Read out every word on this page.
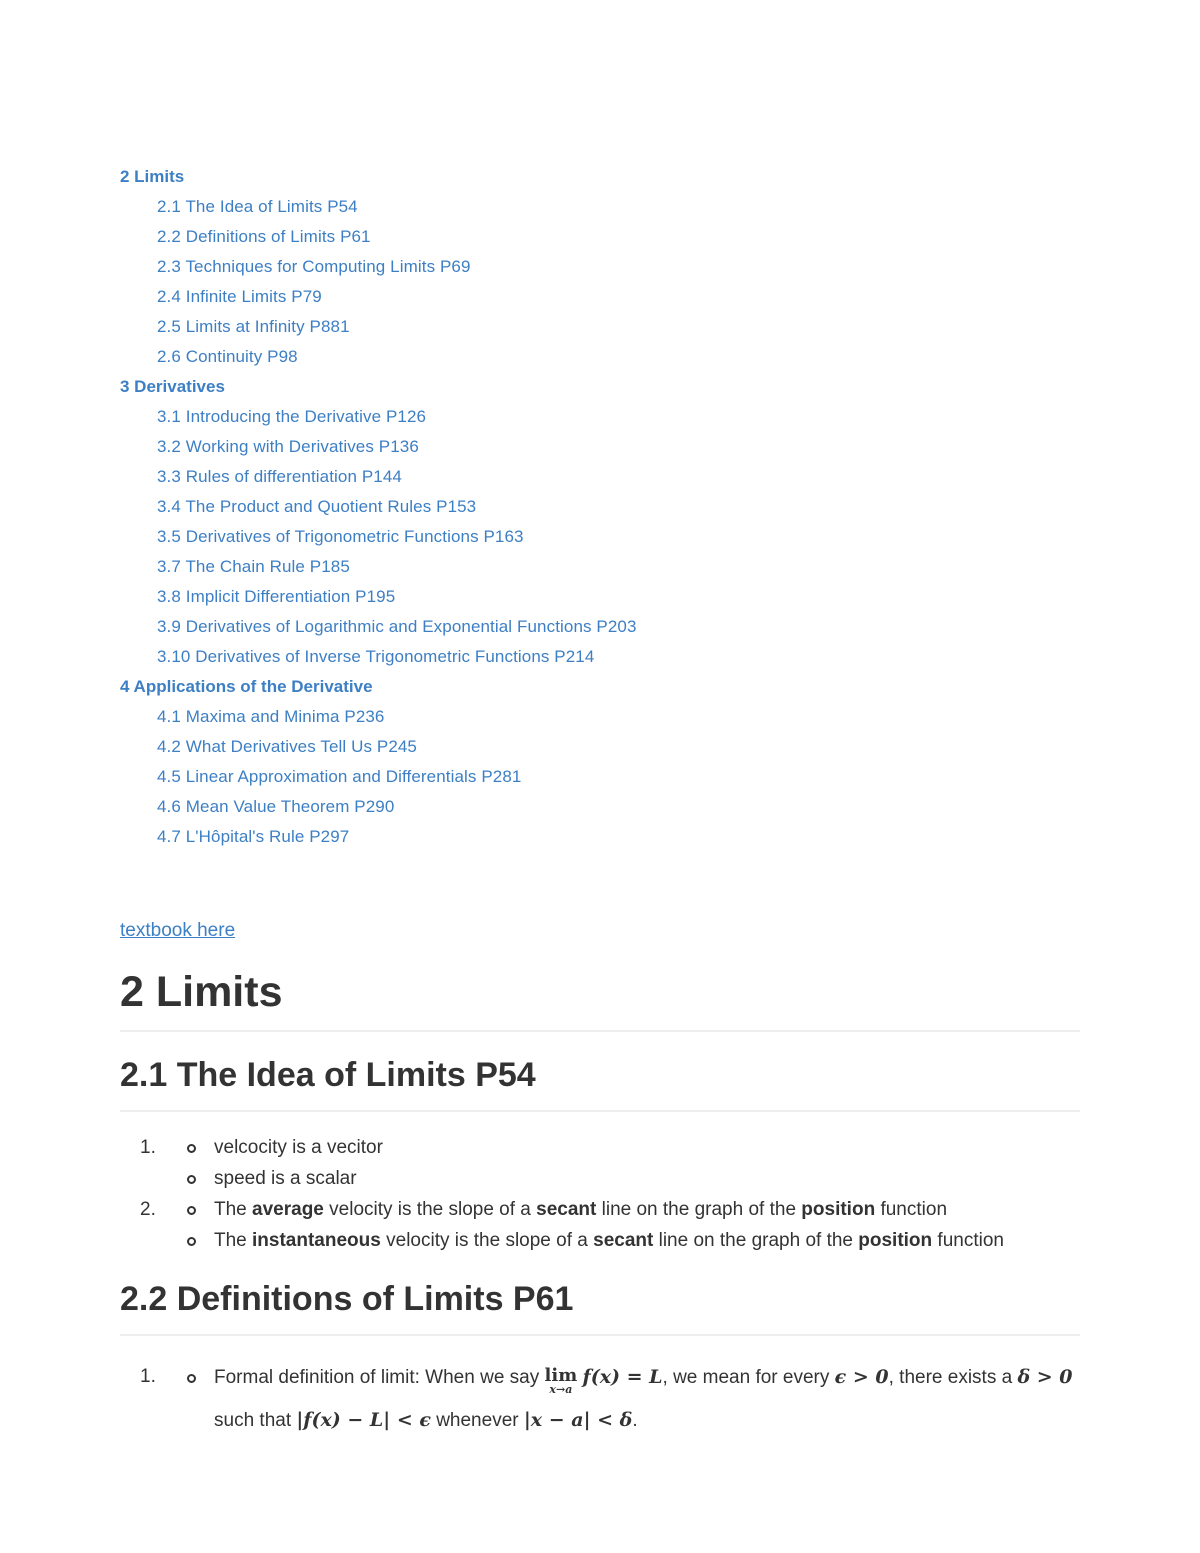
2 Limits
2.1 The Idea of Limits P54
2.2 Definitions of Limits P61
2.3 Techniques for Computing Limits P69
2.4 Infinite Limits P79
2.5 Limits at Infinity P881
2.6 Continuity P98
3 Derivatives
3.1 Introducing the Derivative P126
3.2 Working with Derivatives P136
3.3 Rules of differentiation P144
3.4 The Product and Quotient Rules P153
3.5 Derivatives of Trigonometric Functions P163
3.7 The Chain Rule P185
3.8 Implicit Differentiation P195
3.9 Derivatives of Logarithmic and Exponential Functions P203
3.10 Derivatives of Inverse Trigonometric Functions P214
4 Applications of the Derivative
4.1 Maxima and Minima P236
4.2 What Derivatives Tell Us P245
4.5 Linear Approximation and Differentials P281
4.6 Mean Value Theorem P290
4.7 L'Hôpital's Rule P297
textbook here
2 Limits
2.1 The Idea of Limits P54
1.	velcocity is a vecitor
speed is a scalar
2.	The average velocity is the slope of a secant line on the graph of the position function
The instantaneous velocity is the slope of a secant line on the graph of the position function
2.2 Definitions of Limits P61
1.	Formal definition of limit: When we say lim
x→a
f(x) = L, we mean for every ϵ > 0, there exists a δ > 0 such that |f(x) − L| < ϵ whenever |x − a| < δ.
